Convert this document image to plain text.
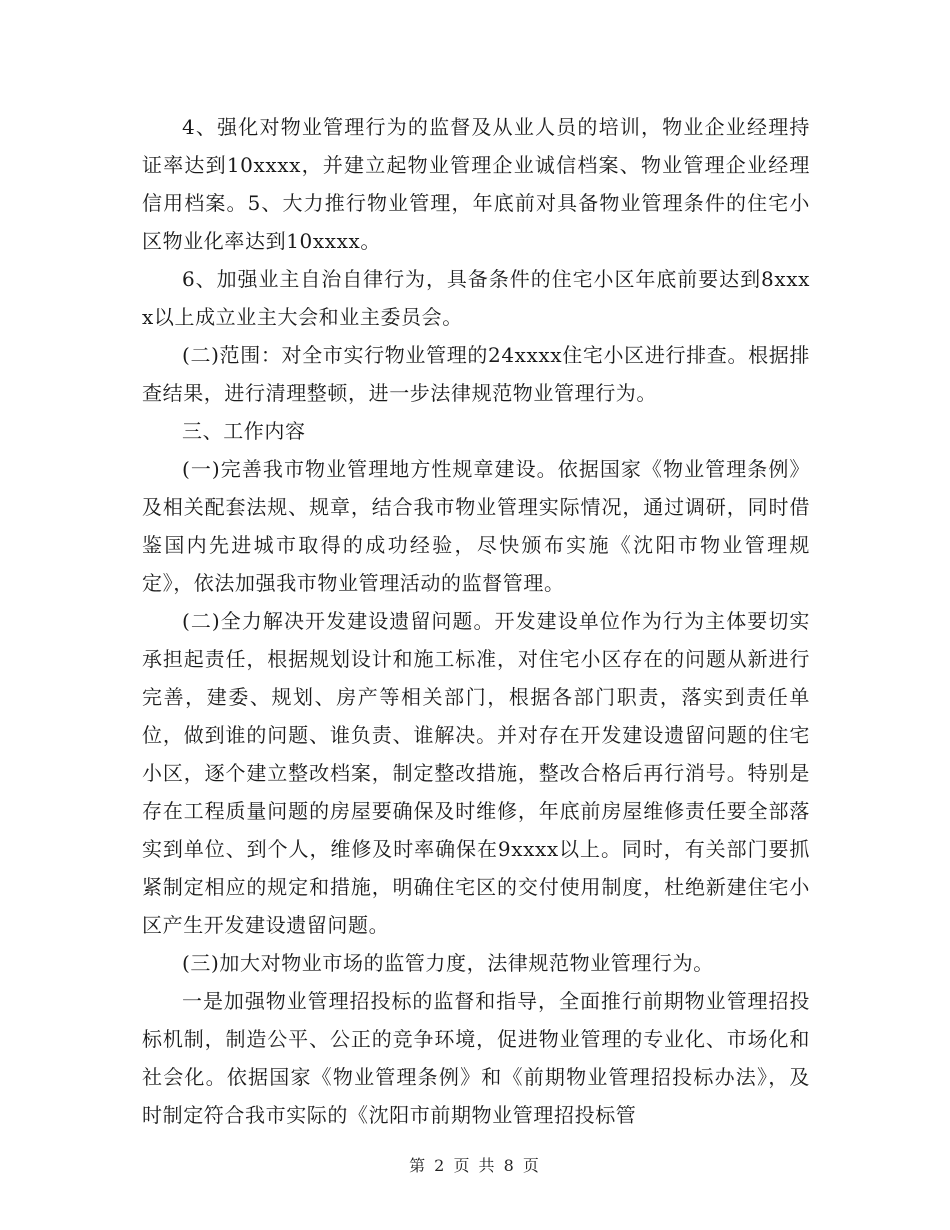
4、强化对物业管理行为的监督及从业人员的培训，物业企业经理持证率达到10xxxx，并建立起物业管理企业诚信档案、物业管理企业经理信用档案。5、大力推行物业管理，年底前对具备物业管理条件的住宅小区物业化率达到10xxxx。

6、加强业主自治自律行为，具备条件的住宅小区年底前要达到8xxxx以上成立业主大会和业主委员会。

(二)范围：对全市实行物业管理的24xxxx住宅小区进行排查。根据排查结果，进行清理整顿，进一步法律规范物业管理行为。

三、工作内容

(一)完善我市物业管理地方性规章建设。依据国家《物业管理条例》及相关配套法规、规章，结合我市物业管理实际情况，通过调研，同时借鉴国内先进城市取得的成功经验，尽快颁布实施《沈阳市物业管理规定》，依法加强我市物业管理活动的监督管理。

(二)全力解决开发建设遗留问题。开发建设单位作为行为主体要切实承担起责任，根据规划设计和施工标准，对住宅小区存在的问题从新进行完善，建委、规划、房产等相关部门，根据各部门职责，落实到责任单位，做到谁的问题、谁负责、谁解决。并对存在开发建设遗留问题的住宅小区，逐个建立整改档案，制定整改措施，整改合格后再行消号。特别是存在工程质量问题的房屋要确保及时维修，年底前房屋维修责任要全部落实到单位、到个人，维修及时率确保在9xxxx以上。同时，有关部门要抓紧制定相应的规定和措施，明确住宅区的交付使用制度，杜绝新建住宅小区产生开发建设遗留问题。

(三)加大对物业市场的监管力度，法律规范物业管理行为。

一是加强物业管理招投标的监督和指导，全面推行前期物业管理招投标机制，制造公平、公正的竞争环境，促进物业管理的专业化、市场化和社会化。依据国家《物业管理条例》和《前期物业管理招投标办法》，及时制定符合我市实际的《沈阳市前期物业管理招投标管

第 2 页 共 8 页
